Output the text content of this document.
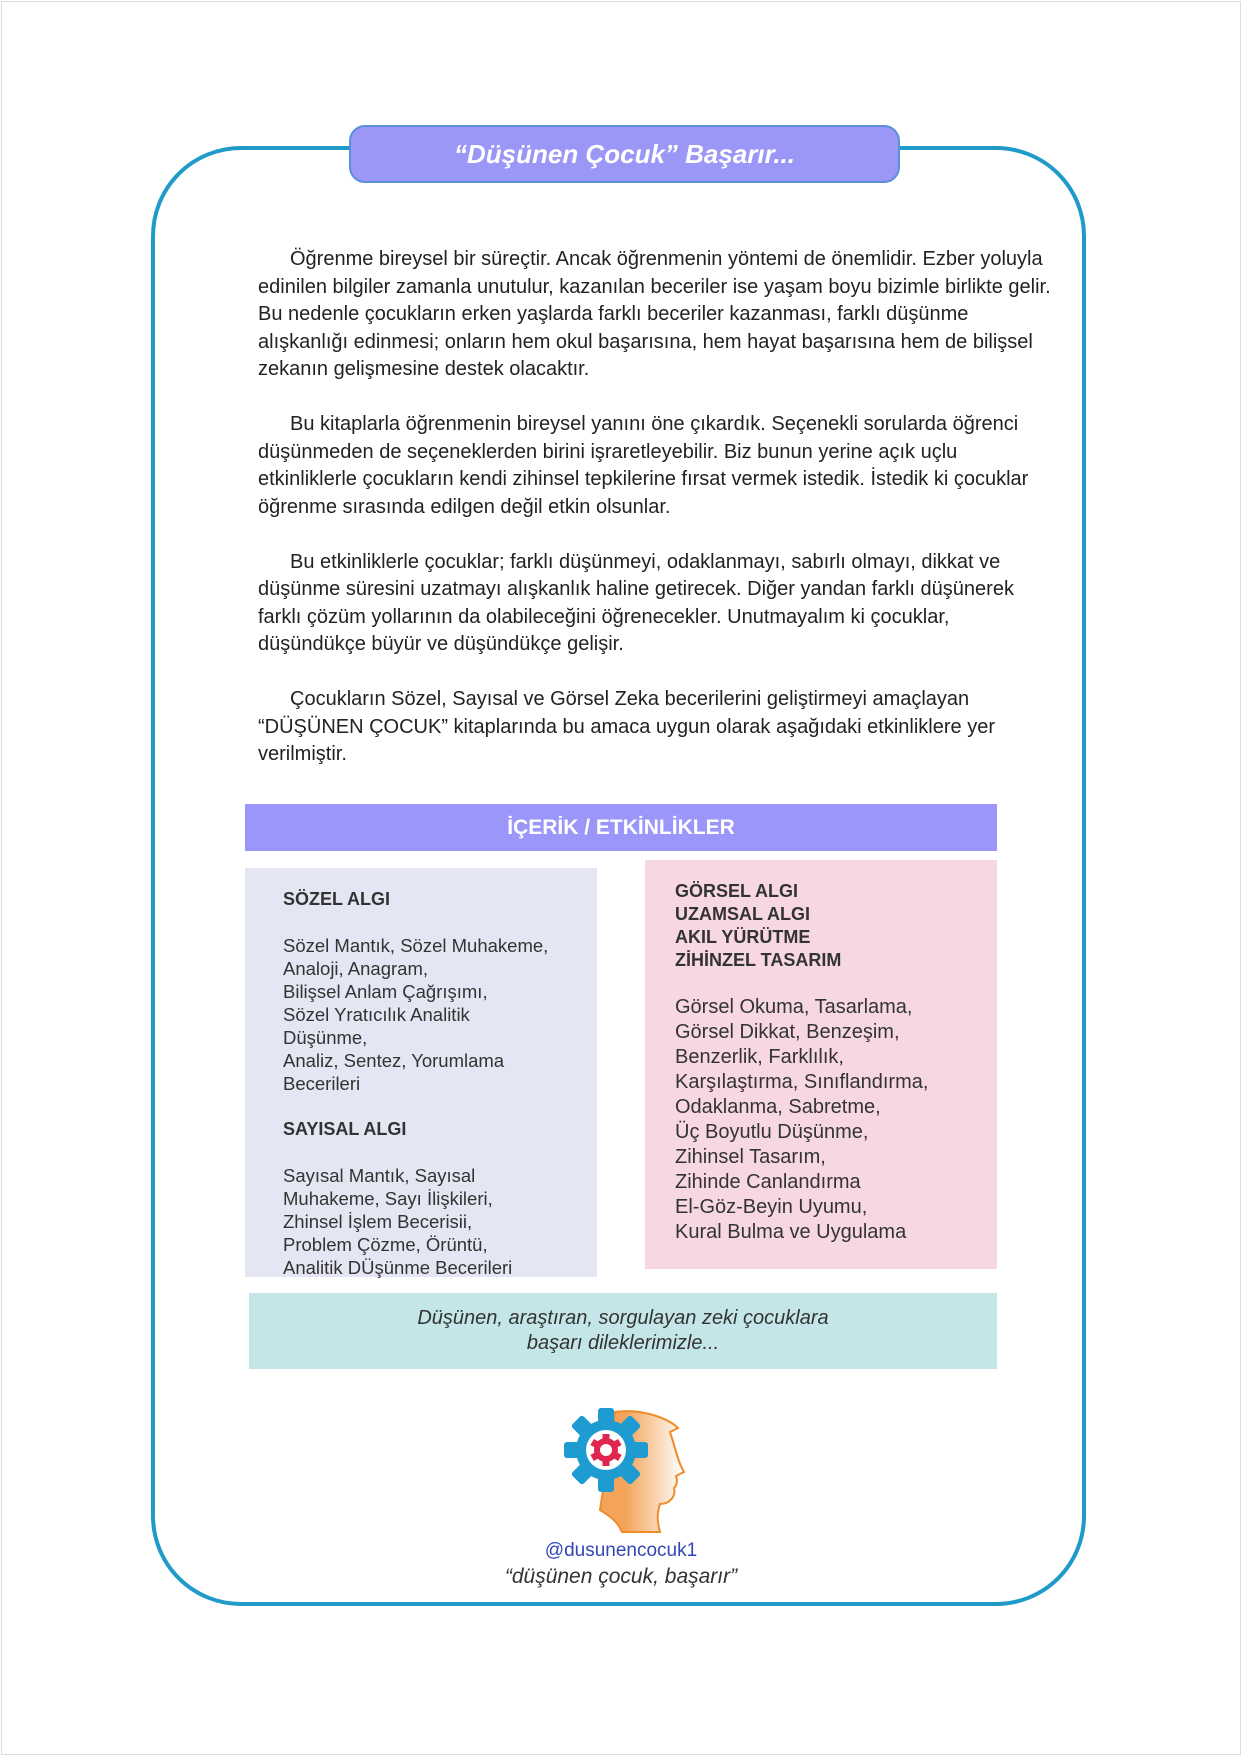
“Düşünen Çocuk” Başarır...

Öğrenme bireysel bir süreçtir. Ancak öğrenmenin yöntemi de önemlidir. Ezber yoluyla edinilen bilgiler zamanla unutulur, kazanılan beceriler ise yaşam boyu bizimle birlikte gelir. Bu nedenle çocukların erken yaşlarda farklı beceriler kazanması, farklı düşünme alışkanlığı edinmesi; onların hem okul başarısına, hem hayat başarısına hem de bilişsel zekanın gelişmesine destek olacaktır.

Bu kitaplarla öğrenmenin bireysel yanını öne çıkardık. Seçenekli sorularda öğrenci düşünmeden de seçeneklerden birini işraretleyebilir. Biz bunun yerine açık uçlu etkinliklerle çocukların kendi zihinsel tepkilerine fırsat vermek istedik. İstedik ki çocuklar öğrenme sırasında edilgen değil etkin olsunlar.

Bu etkinliklerle çocuklar; farklı düşünmeyi, odaklanmayı, sabırlı olmayı, dikkat ve düşünme süresini uzatmayı alışkanlık haline getirecek. Diğer yandan farklı düşünerek farklı çözüm yollarının da olabileceğini öğrenecekler. Unutmayalım ki çocuklar, düşündükçe büyür ve düşündükçe gelişir.

Çocukların Sözel, Sayısal ve Görsel Zeka becerilerini geliştirmeyi amaçlayan “DÜŞÜNEN ÇOCUK” kitaplarında bu amaca uygun olarak aşağıdaki etkinliklere yer verilmiştir.

İÇERİK / ETKİNLİKLER
SÖZEL ALGI
Sözel Mantık, Sözel Muhakeme,
Analoji, Anagram,
Bilişsel Anlam Çağrışımı,
Sözel Yratıcılık Analitik Düşünme,
Analiz, Sentez, Yorumlama
Becerileri
SAYISAL ALGI
Sayısal Mantık, Sayısal
Muhakeme, Sayı İlişkileri,
Zhinsel İşlem Becerisii,
Problem Çözme, Örüntü,
Analitik DÜşünme Becerileri
GÖRSEL ALGI
UZAMSAL ALGI
AKIL YÜRÜTME
ZİHİNZEL TASARIM
Görsel Okuma, Tasarlama,
Görsel Dikkat, Benzeşim,
Benzerlik, Farklılık,
Karşılaştırma, Sınıflandırma,
Odaklanma, Sabretme,
Üç Boyutlu Düşünme,
Zihinsel Tasarım,
Zihinde Canlandırma
El-Göz-Beyin Uyumu,
Kural Bulma ve Uygulama
Düşünen, araştıran, sorgulayan zeki çocuklara
başarı dileklerimizle...
@dusunencocuk1
“düşünen çocuk, başarır”
